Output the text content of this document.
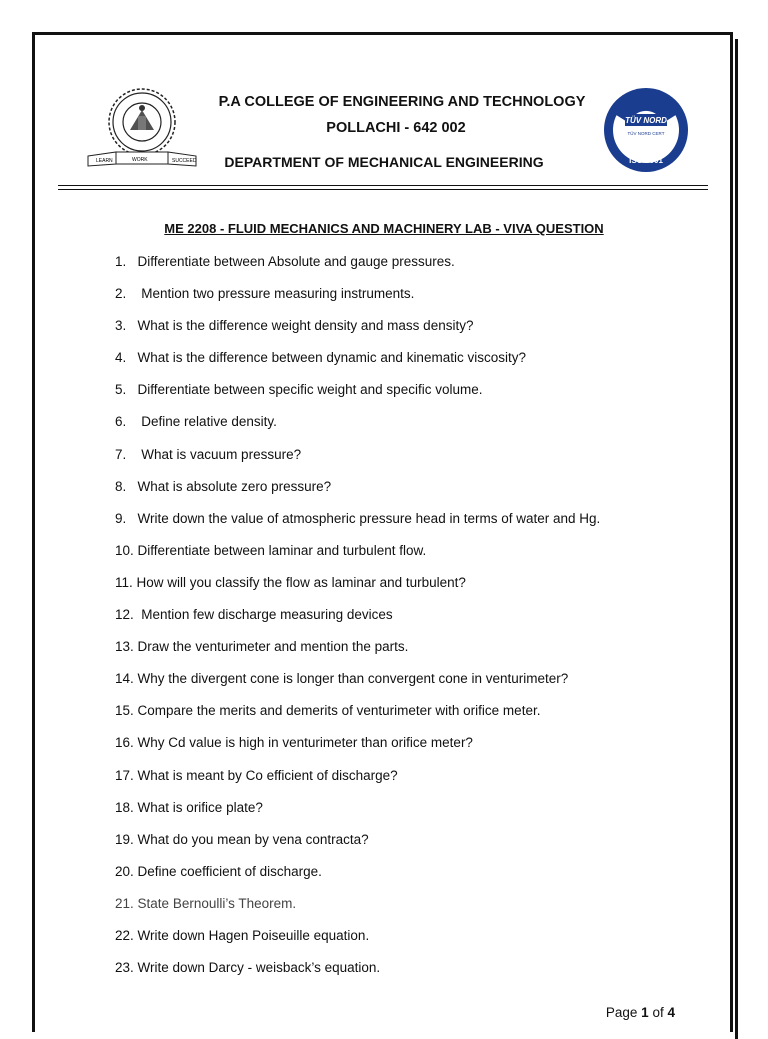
LEARN	WORK	SUCCEED
P.A COLLEGE OF ENGINEERING AND TECHNOLOGY
POLLACHI - 642 002
DEPARTMENT OF MECHANICAL ENGINEERING
TÜV NORD
TÜV NORD CERT
ISO 9001
ME 2208 - FLUID MECHANICS AND MACHINERY LAB - VIVA QUESTION
1. Differentiate between Absolute and gauge pressures.
2. Mention two pressure measuring instruments.
3. What is the difference weight density and mass density?
4. What is the difference between dynamic and kinematic viscosity?
5. Differentiate between specific weight and specific volume.
6. Define relative density.
7. What is vacuum pressure?
8. What is absolute zero pressure?
9. Write down the value of atmospheric pressure head in terms of water and Hg.
10. Differentiate between laminar and turbulent flow.
11. How will you classify the flow as laminar and turbulent?
12. Mention few discharge measuring devices
13. Draw the venturimeter and mention the parts.
14. Why the divergent cone is longer than convergent cone in venturimeter?
15. Compare the merits and demerits of venturimeter with orifice meter.
16. Why Cd value is high in venturimeter than orifice meter?
17. What is meant by Co efficient of discharge?
18. What is orifice plate?
19. What do you mean by vena contracta?
20. Define coefficient of discharge.
21. State Bernoulli’s Theorem.
22. Write down Hagen Poiseuille equation.
23. Write down Darcy - weisback’s equation.
Page 1 of 4
